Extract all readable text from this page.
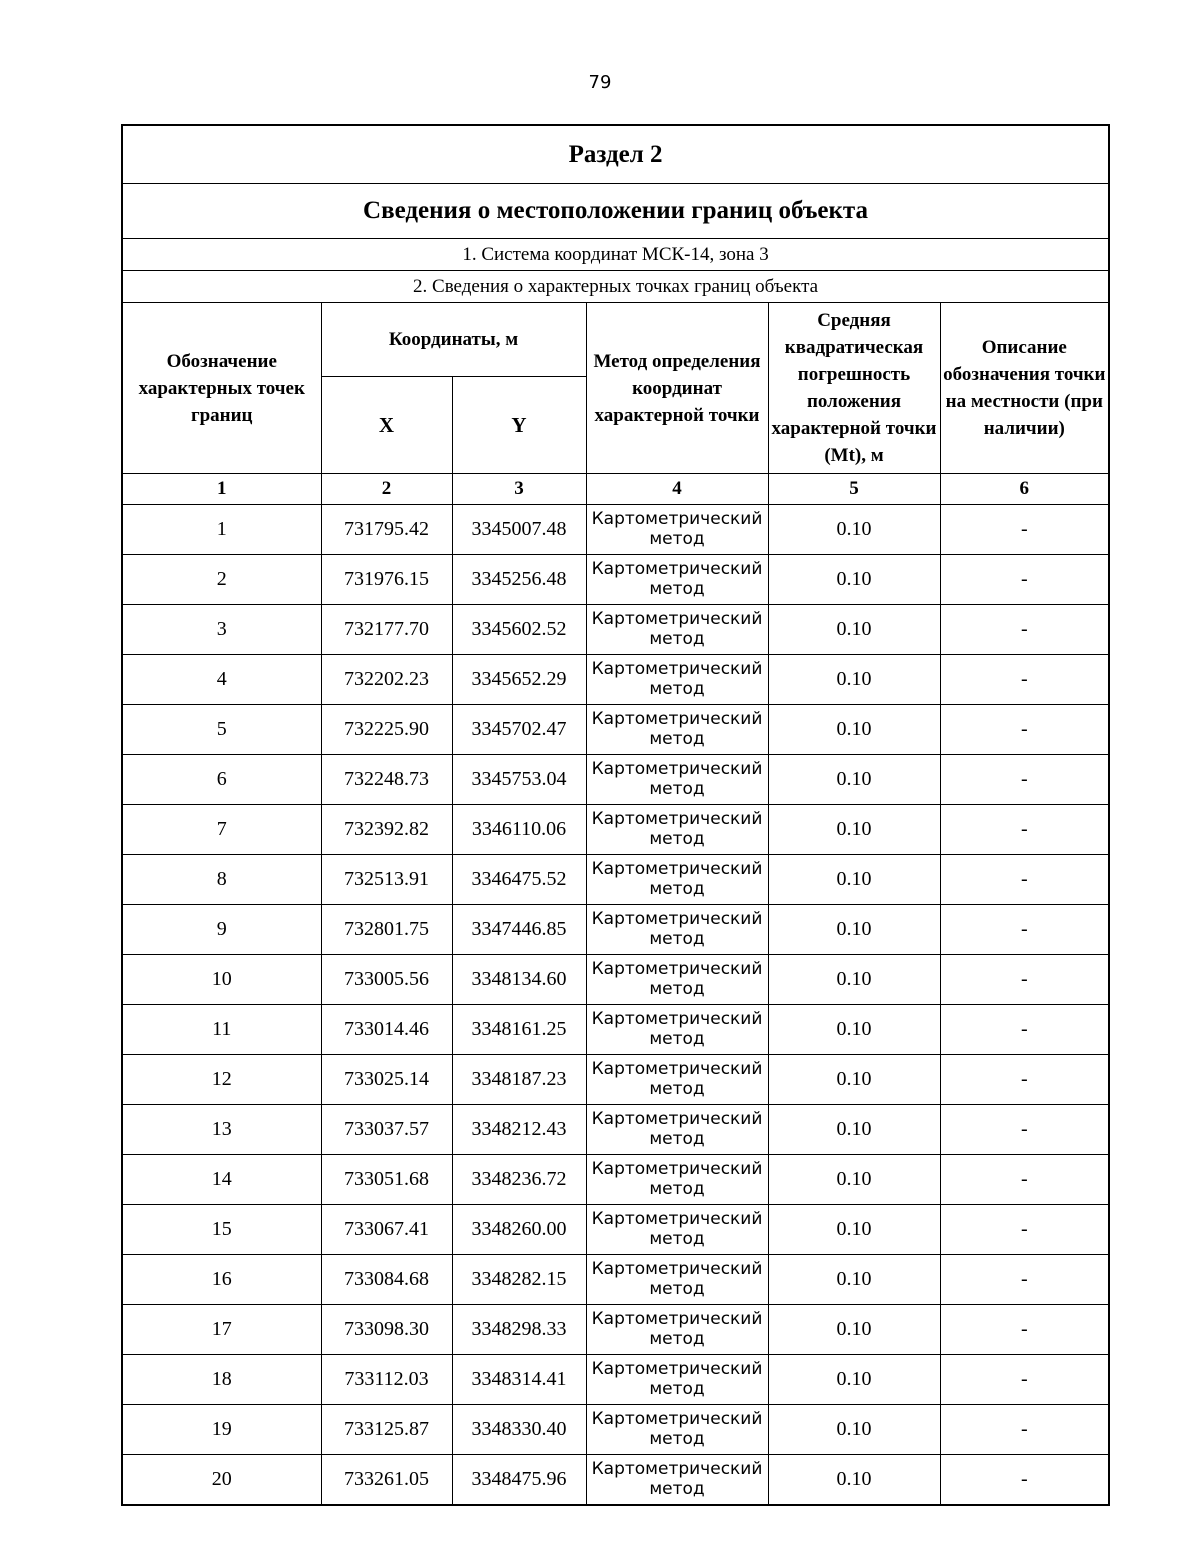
79
Раздел 2					
Сведения о местоположении границ объекта					
1. Система координат МСК-14, зона 3					
2. Сведения о характерных точках границ объекта					
Обозначение характерных точек границ	Координаты, м		Метод определения координат характерной точки	Средняя квадратическая погрешность положения характерной точки (Mt), м	Описание обозначения точки на местности (при наличии)
	X	Y			
1	2	3	4	5	6
1	731795.42	3345007.48	Картометрический метод	0.10	-
2	731976.15	3345256.48	Картометрический метод	0.10	-
3	732177.70	3345602.52	Картометрический метод	0.10	-
4	732202.23	3345652.29	Картометрический метод	0.10	-
5	732225.90	3345702.47	Картометрический метод	0.10	-
6	732248.73	3345753.04	Картометрический метод	0.10	-
7	732392.82	3346110.06	Картометрический метод	0.10	-
8	732513.91	3346475.52	Картометрический метод	0.10	-
9	732801.75	3347446.85	Картометрический метод	0.10	-
10	733005.56	3348134.60	Картометрический метод	0.10	-
11	733014.46	3348161.25	Картометрический метод	0.10	-
12	733025.14	3348187.23	Картометрический метод	0.10	-
13	733037.57	3348212.43	Картометрический метод	0.10	-
14	733051.68	3348236.72	Картометрический метод	0.10	-
15	733067.41	3348260.00	Картометрический метод	0.10	-
16	733084.68	3348282.15	Картометрический метод	0.10	-
17	733098.30	3348298.33	Картометрический метод	0.10	-
18	733112.03	3348314.41	Картометрический метод	0.10	-
19	733125.87	3348330.40	Картометрический метод	0.10	-
20	733261.05	3348475.96	Картометрический метод	0.10	-
